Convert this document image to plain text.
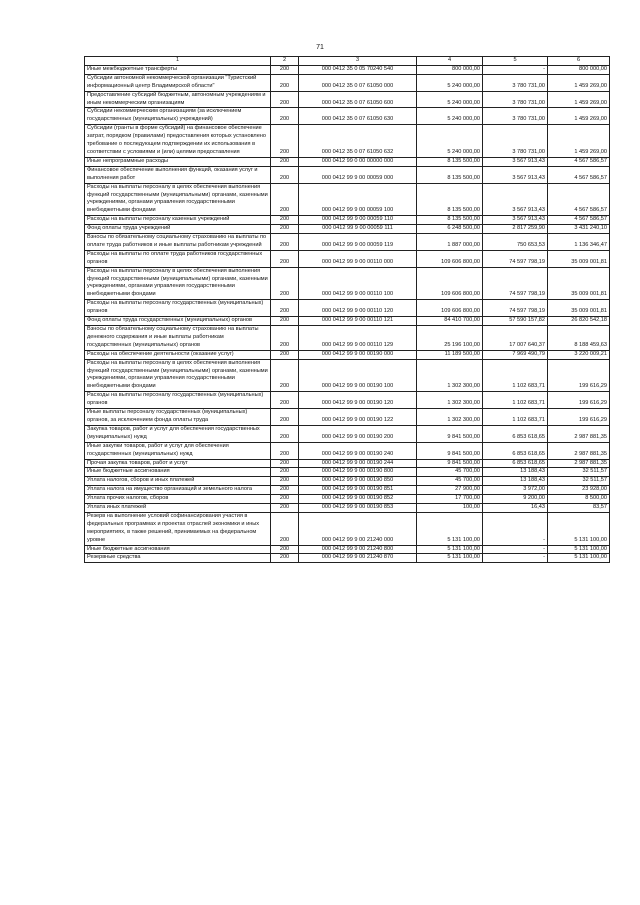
71
1	2	3	4	5	6
Иные межбюджетные трансферты	200	000 0412 35 0 05 70240 540	800 000,00	-	800 000,00
Субсидии автономной некоммерческой организации "Туристский информационный центр Владимирской области"	200	000 0412 35 0 07 61050 000	5 240 000,00	3 780 731,00	1 459 269,00
Предоставление субсидий бюджетным, автономным учреждениям и иным некоммерческим организациям	200	000 0412 35 0 07 61050 600	5 240 000,00	3 780 731,00	1 459 269,00
Субсидии некоммерческим организациям (за исключением государственных (муниципальных) учреждений)	200	000 0412 35 0 07 61050 630	5 240 000,00	3 780 731,00	1 459 269,00
Субсидии (гранты в форме субсидий) на финансовое обеспечение затрат, порядком (правилами) предоставления которых установлено требование о последующем подтверждении их использования в соответствии с условиями и (или) целями предоставления	200	000 0412 35 0 07 61050 632	5 240 000,00	3 780 731,00	1 459 269,00
Иные непрограммные расходы	200	000 0412 99 0 00 00000 000	8 135 500,00	3 567 913,43	4 567 586,57
Финансовое обеспечение выполнения функций, оказания услуг и выполнения работ	200	000 0412 99 9 00 00059 000	8 135 500,00	3 567 913,43	4 567 586,57
Расходы на выплаты персоналу в целях обеспечения выполнения функций государственными (муниципальными) органами, казенными учреждениями, органами управления государственными внебюджетными фондами	200	000 0412 99 9 00 00059 100	8 135 500,00	3 567 913,43	4 567 586,57
Расходы на выплаты персоналу казенных учреждений	200	000 0412 99 9 00 00059 110	8 135 500,00	3 567 913,43	4 567 586,57
Фонд оплаты труда учреждений	200	000 0412 99 9 00 00059 111	6 248 500,00	2 817 259,90	3 431 240,10
Взносы по обязательному социальному страхованию на выплаты по оплате труда работников и иные выплаты работникам учреждений	200	000 0412 99 9 00 00059 119	1 887 000,00	750 653,53	1 136 346,47
Расходы на выплаты по оплате труда работников государственных органов	200	000 0412 99 9 00 00110 000	109 606 800,00	74 597 798,19	35 009 001,81
Расходы на выплаты персоналу в целях обеспечения выполнения функций государственными (муниципальными) органами, казенными учреждениями, органами управления государственными внебюджетными фондами	200	000 0412 99 9 00 00110 100	109 606 800,00	74 597 798,19	35 009 001,81
Расходы на выплаты персоналу государственных (муниципальных) органов	200	000 0412 99 9 00 00110 120	109 606 800,00	74 597 798,19	35 009 001,81
Фонд оплаты труда государственных (муниципальных) органов	200	000 0412 99 9 00 00110 121	84 410 700,00	57 590 157,82	26 820 542,18
Взносы по обязательному социальному страхованию на выплаты денежного содержания и иные выплаты работникам государственных (муниципальных) органов	200	000 0412 99 9 00 00110 129	25 196 100,00	17 007 640,37	8 188 459,63
Расходы на обеспечение деятельности (оказание услуг)	200	000 0412 99 9 00 00190 000	11 189 500,00	7 969 490,79	3 220 009,21
Расходы на выплаты персоналу в целях обеспечения выполнения функций государственными (муниципальными) органами, казенными учреждениями, органами управления государственными внебюджетными фондами	200	000 0412 99 9 00 00190 100	1 302 300,00	1 102 683,71	199 616,29
Расходы на выплаты персоналу государственных (муниципальных) органов	200	000 0412 99 9 00 00190 120	1 302 300,00	1 102 683,71	199 616,29
Иные выплаты персоналу государственных (муниципальных) органов, за исключением фонда оплаты труда	200	000 0412 99 9 00 00190 122	1 302 300,00	1 102 683,71	199 616,29
Закупка товаров, работ и услуг для обеспечения государственных (муниципальных) нужд	200	000 0412 99 9 00 00190 200	9 841 500,00	6 853 618,65	2 987 881,35
Иные закупки товаров, работ и услуг для обеспечения государственных (муниципальных) нужд	200	000 0412 99 9 00 00190 240	9 841 500,00	6 853 618,65	2 987 881,35
Прочая закупка товаров, работ и услуг	200	000 0412 99 9 00 00190 244	9 841 500,00	6 853 618,65	2 987 881,35
Иные бюджетные ассигнования	200	000 0412 99 9 00 00190 800	45 700,00	13 188,43	32 511,57
Уплата налогов, сборов и иных платежей	200	000 0412 99 9 00 00190 850	45 700,00	13 188,43	32 511,57
Уплата налога на имущество организаций и земельного налога	200	000 0412 99 9 00 00190 851	27 900,00	3 972,00	23 928,00
Уплата прочих налогов, сборов	200	000 0412 99 9 00 00190 852	17 700,00	9 200,00	8 500,00
Уплата иных платежей	200	000 0412 99 9 00 00190 853	100,00	16,43	83,57
Резерв на выполнение условий софинансирования участия в федеральных программах и проектах отраслей экономики и иных мероприятиях, в также решений, принимаемых на федеральном уровне	200	000 0412 99 9 00 21240 000	5 131 100,00	-	5 131 100,00
Иные бюджетные ассигнования	200	000 0412 99 9 00 21240 800	5 131 100,00	-	5 131 100,00
Резервные средства	200	000 0412 99 9 00 21240 870	5 131 100,00	-	5 131 100,00
